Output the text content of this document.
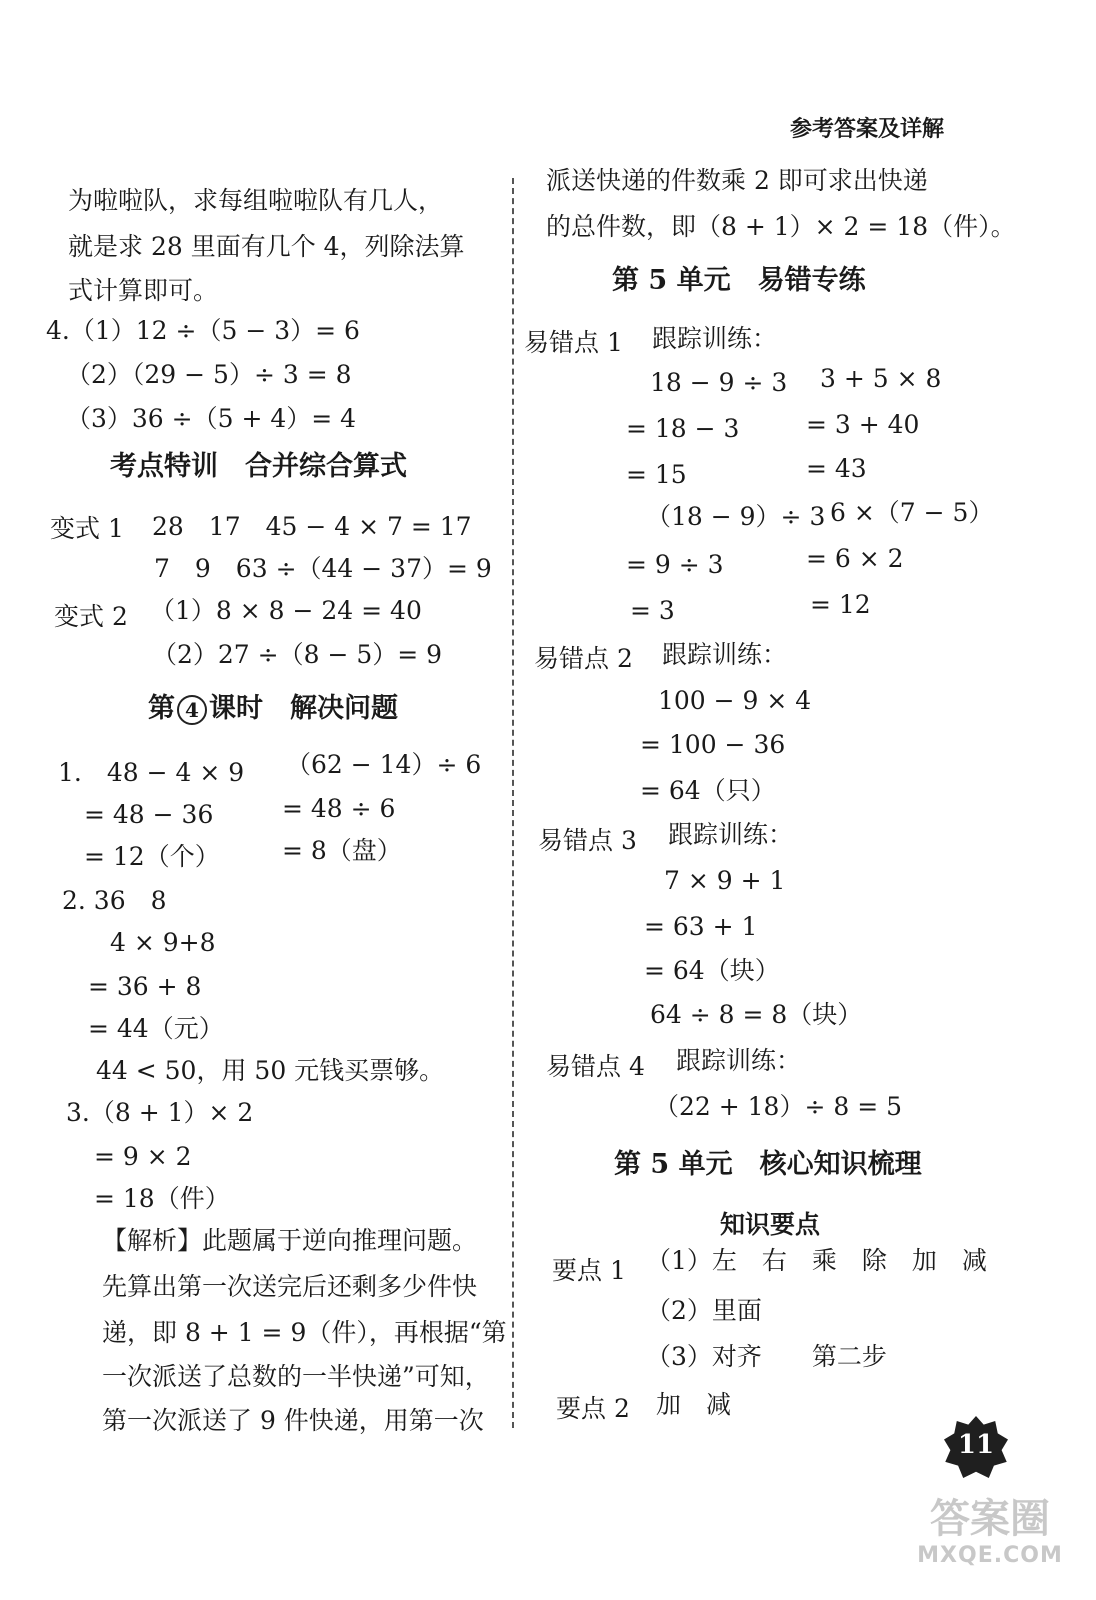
参考答案及详解
为啦啦队，求每组啦啦队有几人，
就是求 28 里面有几个 4，列除法算
式计算即可。
4.（1）12 ÷（5 − 3）= 6
（2）（29 − 5）÷ 3 = 8
（3）36 ÷（5 + 4）= 4
考点特训　合并综合算式
变式 1 28　17　45 − 4 × 7 = 17
7　9　63 ÷（44 − 37）= 9
变式 2 （1）8 × 8 − 24 = 40
（2）27 ÷（8 − 5）= 9
第 4 课时　解决问题
1.　48 − 4 × 9
= 48 − 36
= 12（个）
（62 − 14）÷ 6
= 48 ÷ 6
= 8（盘）
2. 36　8
4 × 9+8
= 36 + 8
= 44（元）
44 < 50，用 50 元钱买票够。
3.（8 + 1）× 2
= 9 × 2
= 18（件）
【解析】此题属于逆向推理问题。
先算出第一次送完后还剩多少件快
递，即 8 + 1 = 9（件），再根据“第
一次派送了总数的一半快递”可知，
第一次派送了 9 件快递，用第一次
派送快递的件数乘 2 即可求出快递
的总件数，即（8 + 1）× 2 = 18（件）。
第 5 单元　易错专练
易错点 1 跟踪训练：
18 − 9 ÷ 3
= 18 − 3
= 15
3 + 5 × 8
= 3 + 40
= 43
（18 − 9）÷ 3
= 9 ÷ 3
= 3
6 ×（7 − 5）
= 6 × 2
= 12
易错点 2 跟踪训练：
100 − 9 × 4
= 100 − 36
= 64（只）
易错点 3 跟踪训练：
7 × 9 + 1
= 63 + 1
= 64（块）
64 ÷ 8 = 8（块）
易错点 4 跟踪训练：
（22 + 18）÷ 8 = 5
第 5 单元　核心知识梳理
知识要点
要点 1 （1）左　右　乘　除　加　减
（2）里面
（3）对齐　　第二步
要点 2 加　减
11
答案圈
MXQE.COM
